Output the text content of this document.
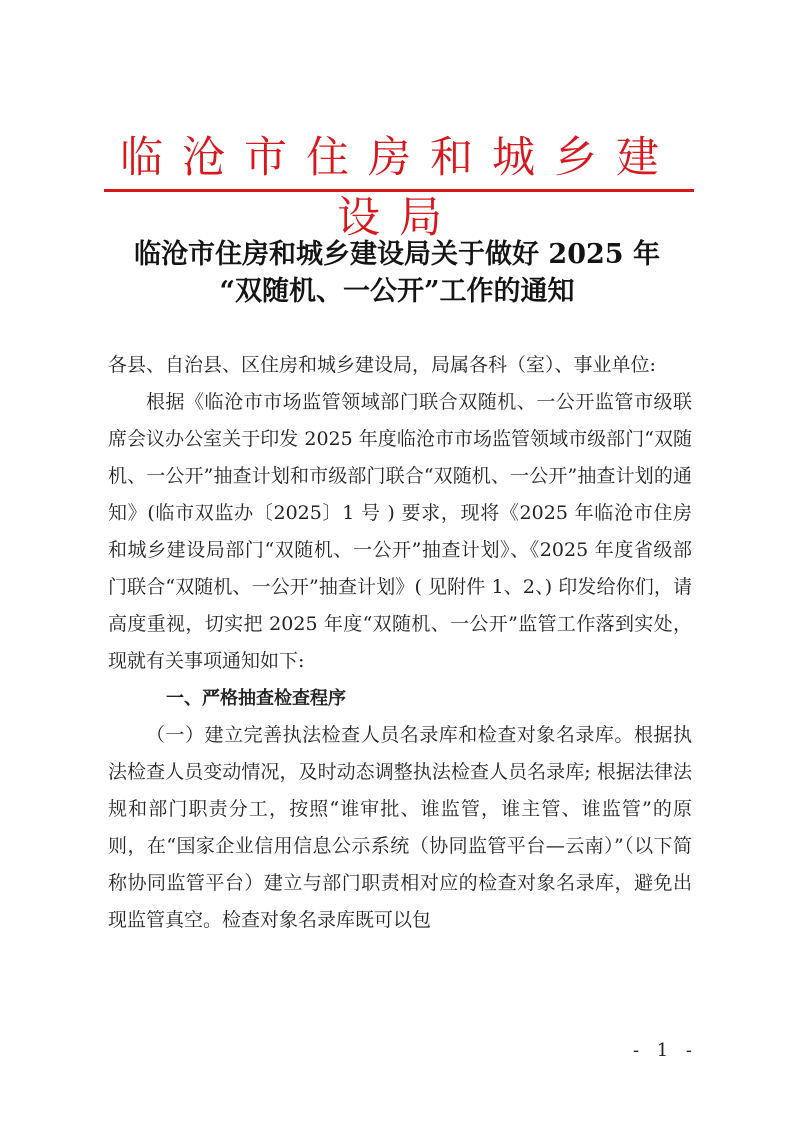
临沧市住房和城乡建设局
临沧市住房和城乡建设局关于做好 2025 年
“双随机、一公开”工作的通知

各县、自治县、区住房和城乡建设局，局属各科（室）、事业单位:

根据《临沧市市场监管领域部门联合双随机、一公开监管市级联席会议办公室关于印发 2025 年度临沧市市场监管领域市级部门“双随机、一公开”抽查计划和市级部门联合“双随机、一公开”抽查计划的通知》(临市双监办〔2025〕1 号 ) 要求，现将《2025 年临沧市住房和城乡建设局部门“双随机、一公开”抽查计划》、《2025 年度省级部门联合“双随机、一公开”抽查计划》( 见附件 1、2、) 印发给你们，请高度重视，切实把 2025 年度“双随机、一公开”监管工作落到实处，现就有关事项通知如下:

一、严格抽查检查程序

（一）建立完善执法检查人员名录库和检查对象名录库。根据执法检查人员变动情况，及时动态调整执法检查人员名录库; 根据法律法规和部门职责分工，按照“谁审批、谁监管，谁主管、谁监管”的原则，在“国家企业信用信息公示系统（协同监管平台—云南）”（以下简称协同监管平台）建立与部门职责相对应的检查对象名录库，避免出现监管真空。检查对象名录库既可以包

- 1 -
